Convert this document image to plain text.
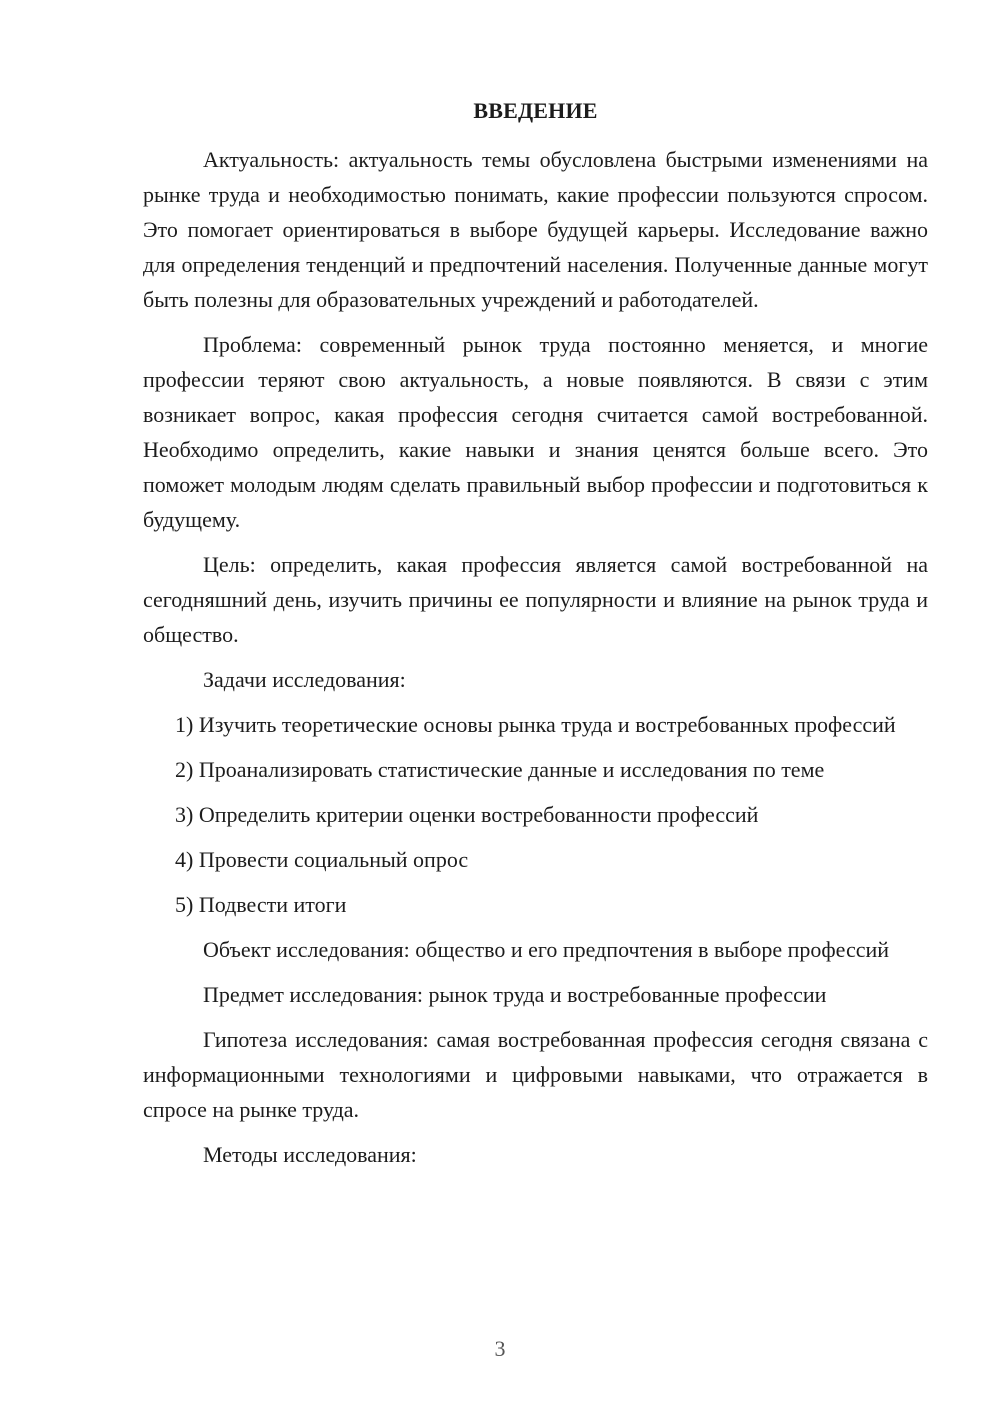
ВВЕДЕНИЕ

Актуальность: актуальность темы обусловлена быстрыми изменениями на рынке труда и необходимостью понимать, какие профессии пользуются спросом. Это помогает ориентироваться в выборе будущей карьеры. Исследование важно для определения тенденций и предпочтений населения. Полученные данные могут быть полезны для образовательных учреждений и работодателей.

Проблема: современный рынок труда постоянно меняется, и многие профессии теряют свою актуальность, а новые появляются. В связи с этим возникает вопрос, какая профессия сегодня считается самой востребованной. Необходимо определить, какие навыки и знания ценятся больше всего. Это поможет молодым людям сделать правильный выбор профессии и подготовиться к будущему.

Цель: определить, какая профессия является самой востребованной на сегодняшний день, изучить причины ее популярности и влияние на рынок труда и общество.

Задачи исследования:

1) Изучить теоретические основы рынка труда и востребованных профессий

2) Проанализировать статистические данные и исследования по теме

3) Определить критерии оценки востребованности профессий

4) Провести социальный опрос

5) Подвести итоги

Объект исследования: общество и его предпочтения в выборе профессий

Предмет исследования: рынок труда и востребованные профессии

Гипотеза исследования: самая востребованная профессия сегодня связана с информационными технологиями и цифровыми навыками, что отражается в спросе на рынке труда.

Методы исследования:

3
